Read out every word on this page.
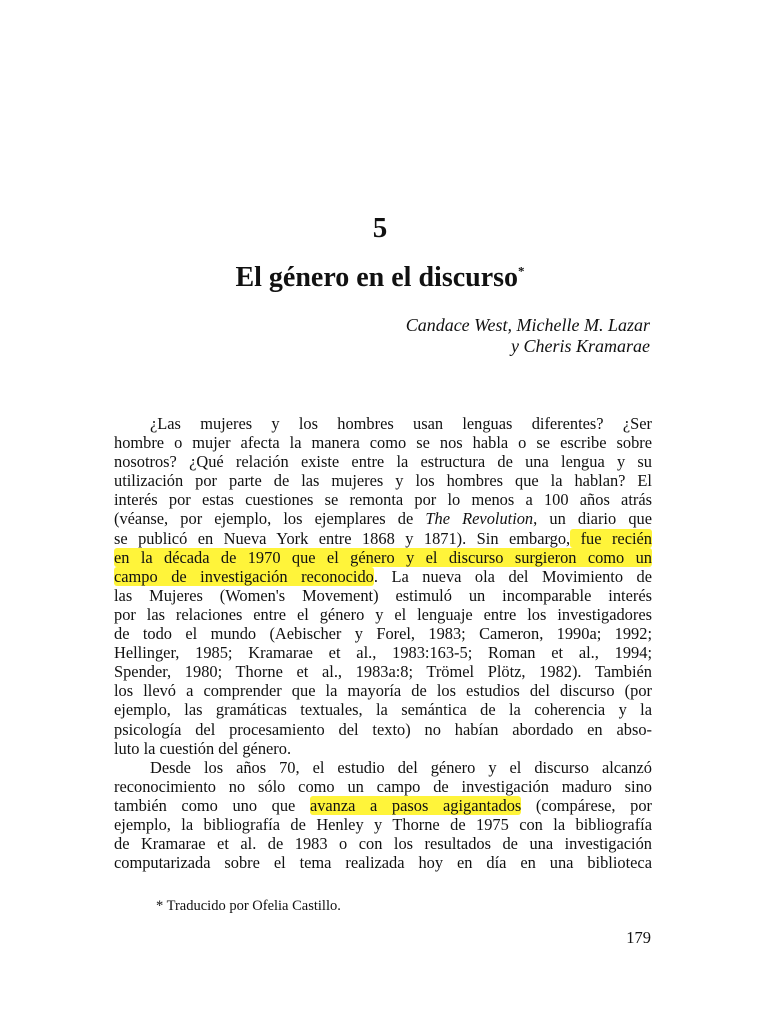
5
El género en el discurso*
Candace West, Michelle M. Lazar
y Cheris Kramarae
¿Las mujeres y los hombres usan lenguas diferentes? ¿Ser
hombre o mujer afecta la manera como se nos habla o se escribe sobre
nosotros? ¿Qué relación existe entre la estructura de una lengua y su
utilización por parte de las mujeres y los hombres que la hablan? El
interés por estas cuestiones se remonta por lo menos a 100 años atrás
(véanse, por ejemplo, los ejemplares de The Revolution, un diario que
se publicó en Nueva York entre 1868 y 1871). Sin embargo, fue recién
en la década de 1970 que el género y el discurso surgieron como un
campo de investigación reconocido. La nueva ola del Movimiento de
las Mujeres (Women's Movement) estimuló un incomparable interés
por las relaciones entre el género y el lenguaje entre los investigadores
de todo el mundo (Aebischer y Forel, 1983; Cameron, 1990a; 1992;
Hellinger, 1985; Kramarae et al., 1983:163-5; Roman et al., 1994;
Spender, 1980; Thorne et al., 1983a:8; Trömel Plötz, 1982). También
los llevó a comprender que la mayoría de los estudios del discurso (por
ejemplo, las gramáticas textuales, la semántica de la coherencia y la
psicología del procesamiento del texto) no habían abordado en abso-
luto la cuestión del género.
Desde los años 70, el estudio del género y el discurso alcanzó
reconocimiento no sólo como un campo de investigación maduro sino
también como uno que avanza a pasos agigantados (compárese, por
ejemplo, la bibliografía de Henley y Thorne de 1975 con la bibliografía
de Kramarae et al. de 1983 o con los resultados de una investigación
computarizada sobre el tema realizada hoy en día en una biblioteca
* Traducido por Ofelia Castillo.
179
